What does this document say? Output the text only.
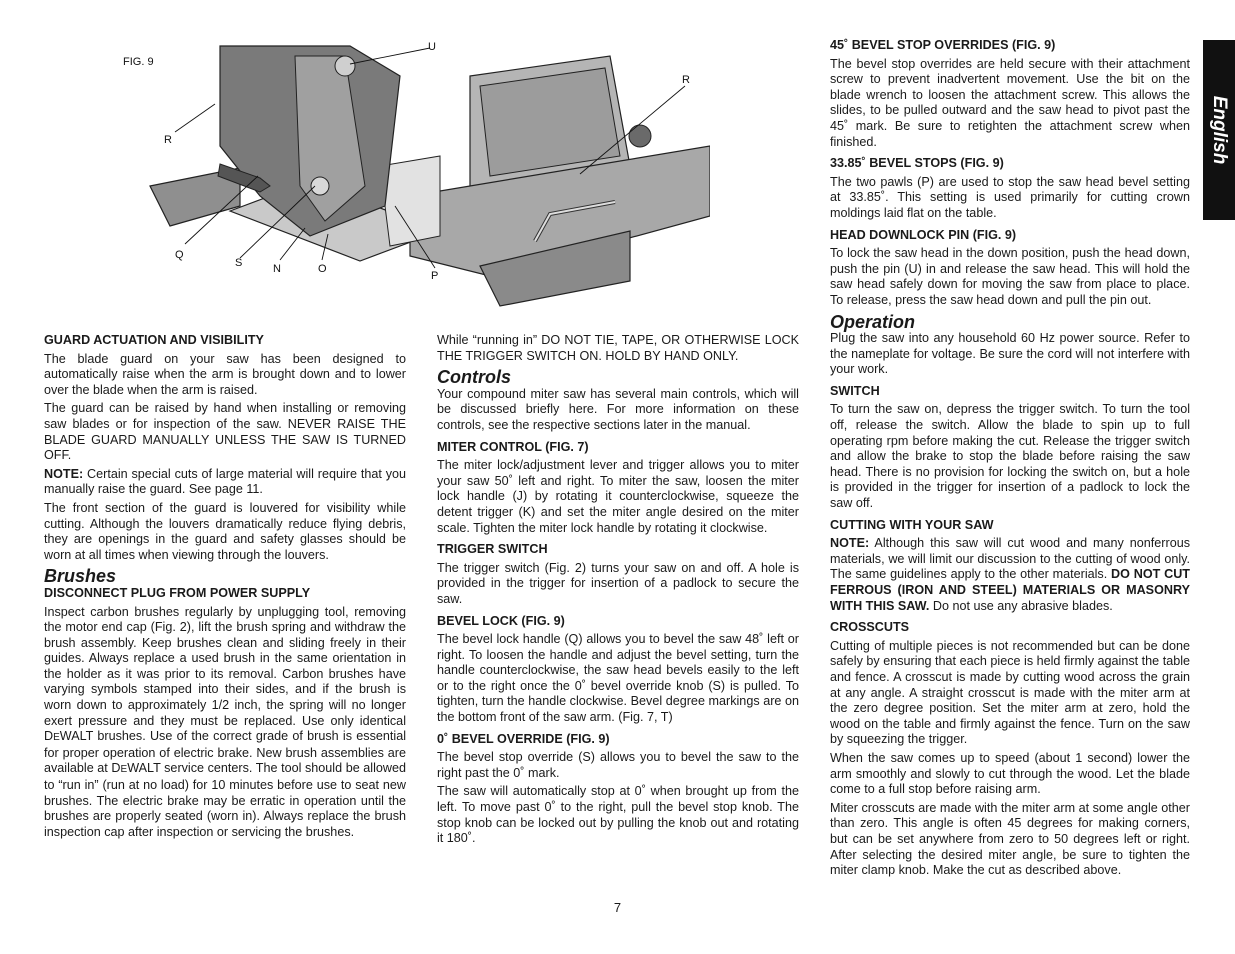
FIG. 9
U
R
R
Q
S	N	O
P
English
GUARD ACTUATION AND VISIBILITY

The blade guard on your saw has been designed to automatically raise when the arm is brought down and to lower over the blade when the arm is raised.

The guard can be raised by hand when installing or removing saw blades or for inspection of the saw. NEVER RAISE THE BLADE GUARD MANUALLY UNLESS THE SAW IS TURNED OFF.

NOTE: Certain special cuts of large material will require that you manually raise the guard. See page 11.

The front section of the guard is louvered for visibility while cutting. Although the louvers dramatically reduce flying debris, they are openings in the guard and safety glasses should be worn at all times when viewing through the louvers.

Brushes
DISCONNECT PLUG FROM POWER SUPPLY

Inspect carbon brushes regularly by unplugging tool, removing the motor end cap (Fig. 2), lift the brush spring and withdraw the brush assembly. Keep brushes clean and sliding freely in their guides. Always replace a used brush in the same orientation in the holder as it was prior to its removal. Carbon brushes have varying symbols stamped into their sides, and if the brush is worn down to approximately 1/2 inch, the spring will no longer exert pressure and they must be replaced. Use only identical DEWALT brushes. Use of the correct grade of brush is essential for proper operation of electric brake. New brush assemblies are available at DEWALT service centers. The tool should be allowed to “run in” (run at no load) for 10 minutes before use to seat new brushes. The electric brake may be erratic in operation until the brushes are properly seated (worn in). Always replace the brush inspection cap after inspection or servicing the brushes.

While “running in” DO NOT TIE, TAPE, OR OTHERWISE LOCK THE TRIGGER SWITCH ON. HOLD BY HAND ONLY.

Controls

Your compound miter saw has several main controls, which will be discussed briefly here. For more information on these controls, see the respective sections later in the manual.

MITER CONTROL (FIG. 7)

The miter lock/adjustment lever and trigger allows you to miter your saw 50˚ left and right. To miter the saw, loosen the miter lock handle (J) by rotating it counterclockwise, squeeze the detent trigger (K) and set the miter angle desired on the miter scale. Tighten the miter lock handle by rotating it clockwise.

TRIGGER SWITCH

The trigger switch (Fig. 2) turns your saw on and off. A hole is provided in the trigger for insertion of a padlock to secure the saw.

BEVEL LOCK (FIG. 9)

The bevel lock handle (Q) allows you to bevel the saw 48˚ left or right. To loosen the handle and adjust the bevel setting, turn the handle counterclockwise, the saw head bevels easily to the left or to the right once the 0˚ bevel override knob (S) is pulled. To tighten, turn the handle clockwise. Bevel degree markings are on the bottom front of the saw arm. (Fig. 7, T)

0˚ BEVEL OVERRIDE (FIG. 9)

The bevel stop override (S) allows you to bevel the saw to the right past the 0˚ mark.

The saw will automatically stop at 0˚ when brought up from the left. To move past 0˚ to the right, pull the bevel stop knob. The stop knob can be locked out by pulling the knob out and rotating it 180˚.

45˚ BEVEL STOP OVERRIDES (FIG. 9)

The bevel stop overrides are held secure with their attachment screw to prevent inadvertent movement. Use the bit on the blade wrench to loosen the attachment screw. This allows the slides, to be pulled outward and the saw head to pivot past the 45˚ mark. Be sure to retighten the attachment screw when finished.

33.85˚ BEVEL STOPS (FIG. 9)

The two pawls (P) are used to stop the saw head bevel setting at 33.85˚. This setting is used primarily for cutting crown moldings laid flat on the table.

HEAD DOWNLOCK PIN (FIG. 9)

To lock the saw head in the down position, push the head down, push the pin (U) in and release the saw head. This will hold the saw head safely down for moving the saw from place to place. To release, press the saw head down and pull the pin out.

Operation

Plug the saw into any household 60 Hz power source. Refer to the nameplate for voltage. Be sure the cord will not interfere with your work.

SWITCH

To turn the saw on, depress the trigger switch. To turn the tool off, release the switch. Allow the blade to spin up to full operating rpm before making the cut. Release the trigger switch and allow the brake to stop the blade before raising the saw head. There is no provision for locking the switch on, but a hole is provided in the trigger for insertion of a padlock to lock the saw off.

CUTTING WITH YOUR SAW

NOTE: Although this saw will cut wood and many nonferrous materials, we will limit our discussion to the cutting of wood only. The same guidelines apply to the other materials. DO NOT CUT FERROUS (IRON AND STEEL) MATERIALS OR MASONRY WITH THIS SAW. Do not use any abrasive blades.

CROSSCUTS

Cutting of multiple pieces is not recommended but can be done safely by ensuring that each piece is held firmly against the table and fence. A crosscut is made by cutting wood across the grain at any angle. A straight crosscut is made with the miter arm at the zero degree position. Set the miter arm at zero, hold the wood on the table and firmly against the fence. Turn on the saw by squeezing the trigger.

When the saw comes up to speed (about 1 second) lower the arm smoothly and slowly to cut through the wood. Let the blade come to a full stop before raising arm.

Miter crosscuts are made with the miter arm at some angle other than zero. This angle is often 45 degrees for making corners, but can be set anywhere from zero to 50 degrees left or right. After selecting the desired miter angle, be sure to tighten the miter clamp knob. Make the cut as described above.

7
